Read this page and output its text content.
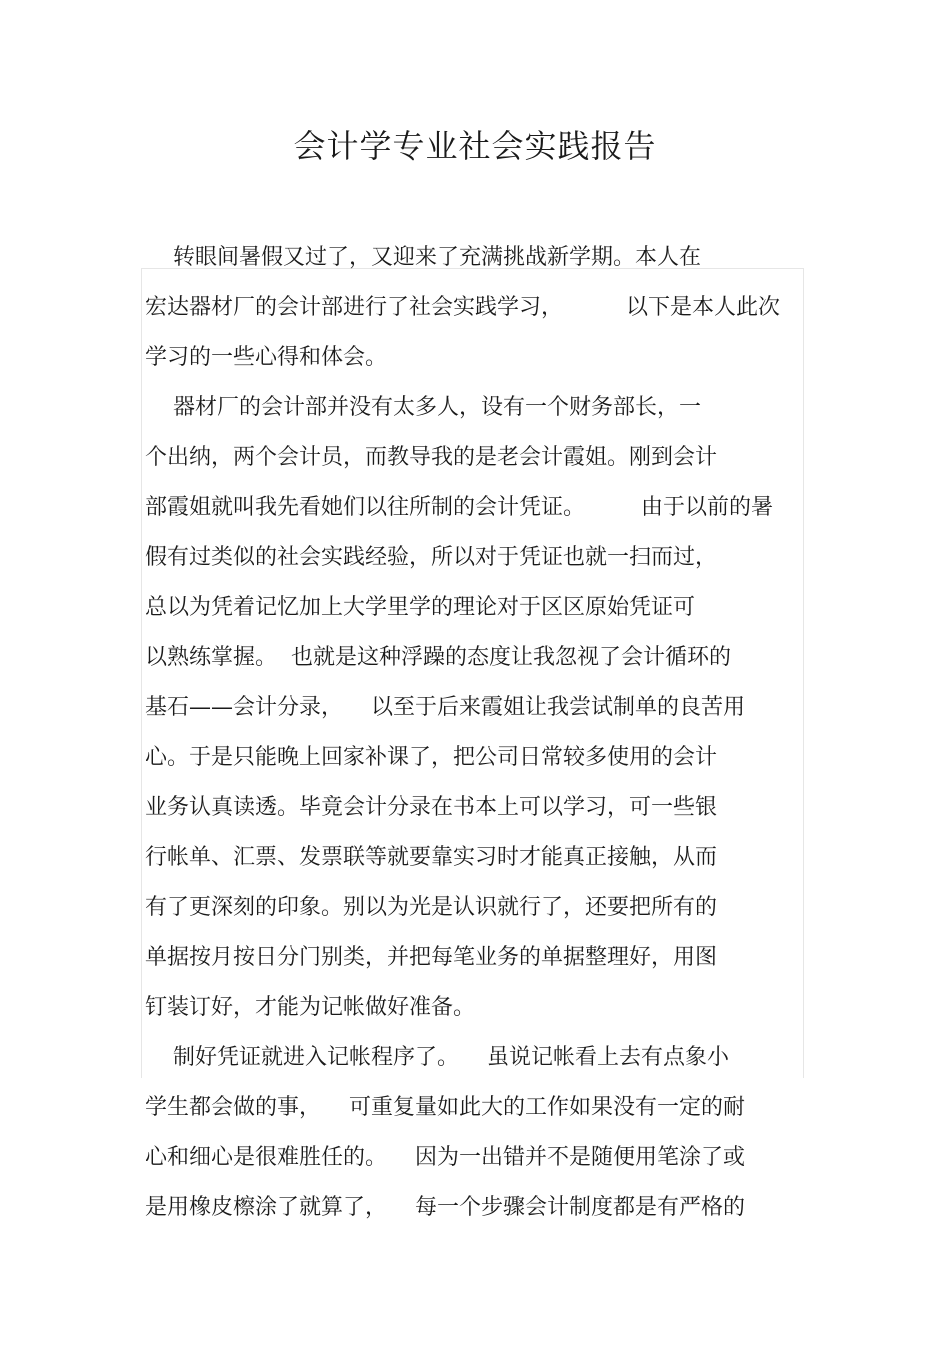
会计学专业社会实践报告

转眼间暑假又过了，又迎来了充满挑战新学期。本人在

宏达器材厂的会计部进行了社会实践学习，         以下是本人此次

学习的一些心得和体会。

器材厂的会计部并没有太多人，设有一个财务部长，一

个出纳，两个会计员，而教导我的是老会计霞姐。刚到会计

部霞姐就叫我先看她们以往所制的会计凭证。        由于以前的暑

假有过类似的社会实践经验，所以对于凭证也就一扫而过，

总以为凭着记忆加上大学里学的理论对于区区原始凭证可

以熟练掌握。  也就是这种浮躁的态度让我忽视了会计循环的

基石——会计分录，    以至于后来霞姐让我尝试制单的良苦用

心。于是只能晚上回家补课了，把公司日常较多使用的会计

业务认真读透。毕竟会计分录在书本上可以学习，可一些银

行帐单、汇票、发票联等就要靠实习时才能真正接触，从而

有了更深刻的印象。别以为光是认识就行了，还要把所有的

单据按月按日分门别类，并把每笔业务的单据整理好，用图

钉装订好，才能为记帐做好准备。

制好凭证就进入记帐程序了。    虽说记帐看上去有点象小

学生都会做的事，    可重复量如此大的工作如果没有一定的耐

心和细心是很难胜任的。    因为一出错并不是随便用笔涂了或

是用橡皮檫涂了就算了，    每一个步骤会计制度都是有严格的
